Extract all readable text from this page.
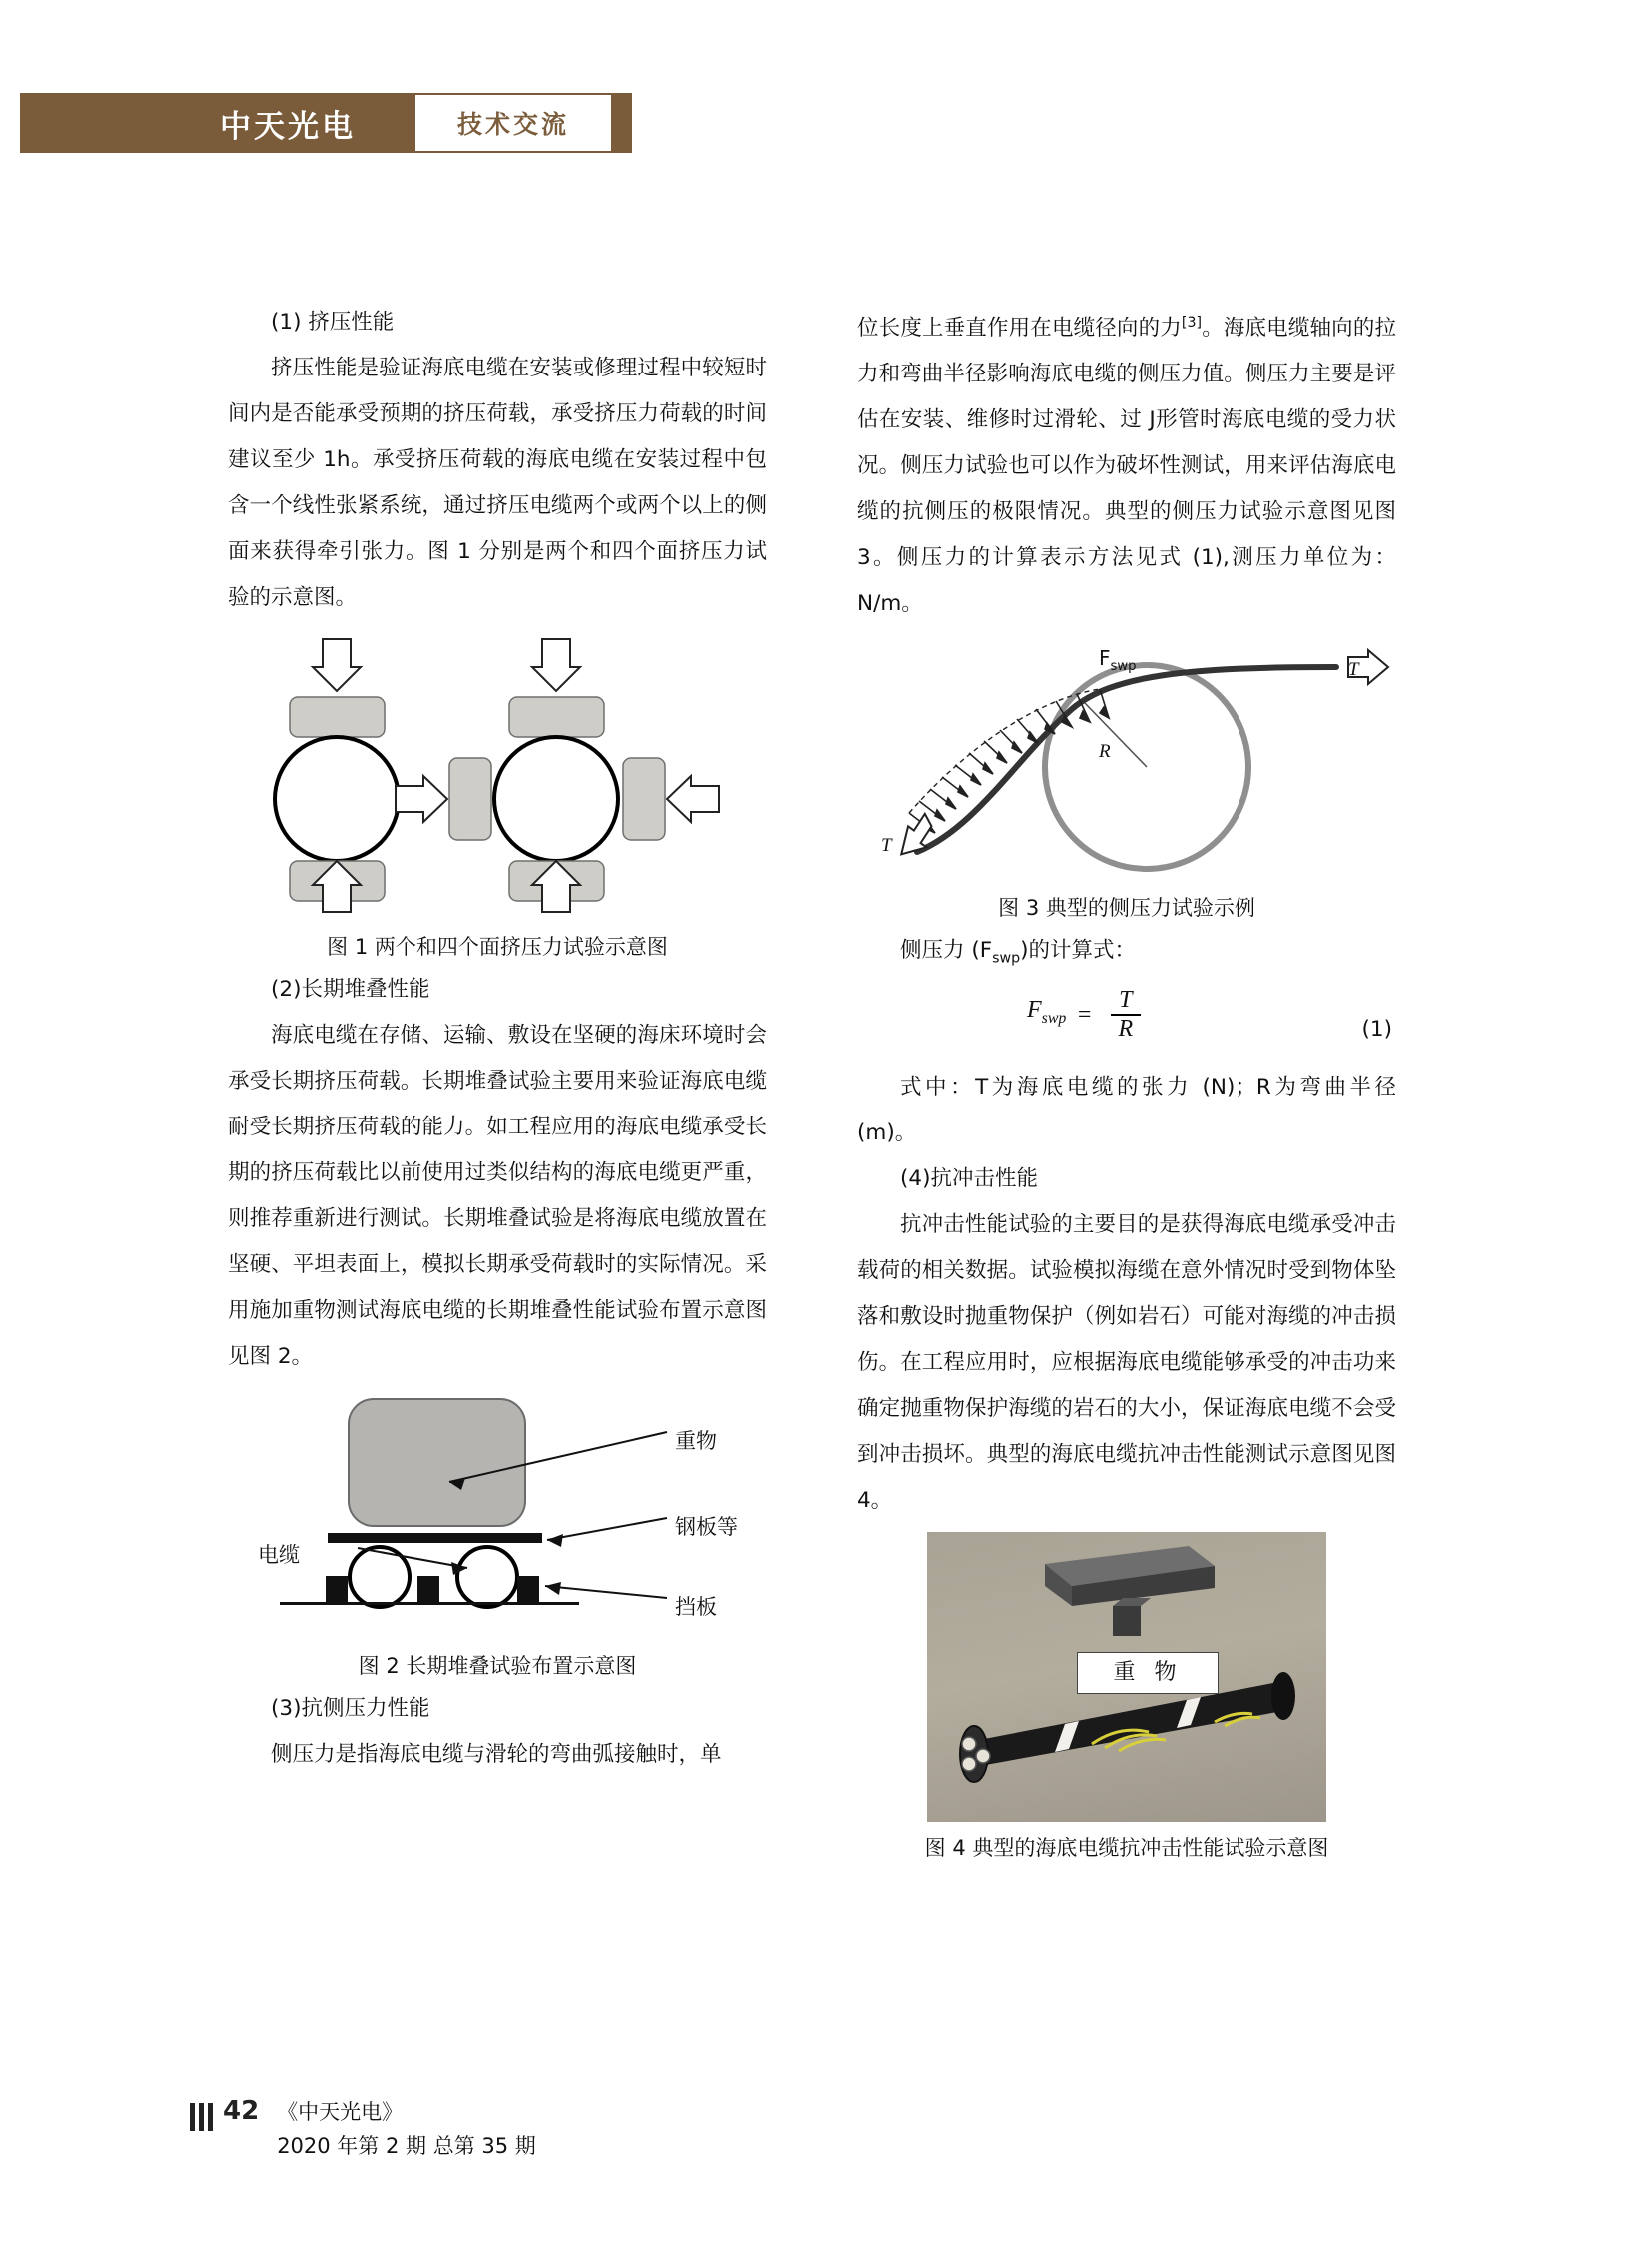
中天光电	技术交流

(1) 挤压性能

挤压性能是验证海底电缆在安装或修理过程中较短时间内是否能承受预期的挤压荷载，承受挤压力荷载的时间建议至少 1h。承受挤压荷载的海底电缆在安装过程中包含一个线性张紧系统，通过挤压电缆两个或两个以上的侧面来获得牵引张力。图 1 分别是两个和四个面挤压力试验的示意图。

图 1 两个和四个面挤压力试验示意图

(2)长期堆叠性能

海底电缆在存储、运输、敷设在坚硬的海床环境时会承受长期挤压荷载。长期堆叠试验主要用来验证海底电缆耐受长期挤压荷载的能力。如工程应用的海底电缆承受长期的挤压荷载比以前使用过类似结构的海底电缆更严重，则推荐重新进行测试。长期堆叠试验是将海底电缆放置在坚硬、平坦表面上，模拟长期承受荷载时的实际情况。采用施加重物测试海底电缆的长期堆叠性能试验布置示意图见图 2。

重物
钢板等
电缆
挡板

图 2 长期堆叠试验布置示意图

(3)抗侧压力性能

侧压力是指海底电缆与滑轮的弯曲弧接触时，单

位长度上垂直作用在电缆径向的力[3]。海底电缆轴向的拉力和弯曲半径影响海底电缆的侧压力值。侧压力主要是评估在安装、维修时过滑轮、过 J形管时海底电缆的受力状况。侧压力试验也可以作为破坏性测试，用来评估海底电缆的抗侧压的极限情况。典型的侧压力试验示意图见图 3。侧压力的计算表示方法见式 (1),测压力单位为：N/m。

$F_{swp}$
R
T
T

图 3 典型的侧压力试验示例

侧压力 $(F_{swp})$的计算式：

$F_{swp} = \frac{T}{R}$	(1)

式中：T为海底电缆的张力 (N)；R为弯曲半径 (m)。

(4)抗冲击性能

抗冲击性能试验的主要目的是获得海底电缆承受冲击载荷的相关数据。试验模拟海缆在意外情况时受到物体坠落和敷设时抛重物保护（例如岩石）可能对海缆的冲击损伤。在工程应用时，应根据海底电缆能够承受的冲击功来确定抛重物保护海缆的岩石的大小，保证海底电缆不会受到冲击损坏。典型的海底电缆抗冲击性能测试示意图见图 4。

重 物

图 4 典型的海底电缆抗冲击性能试验示意图

42 《中天光电》
2020 年第 2 期 总第 35 期
